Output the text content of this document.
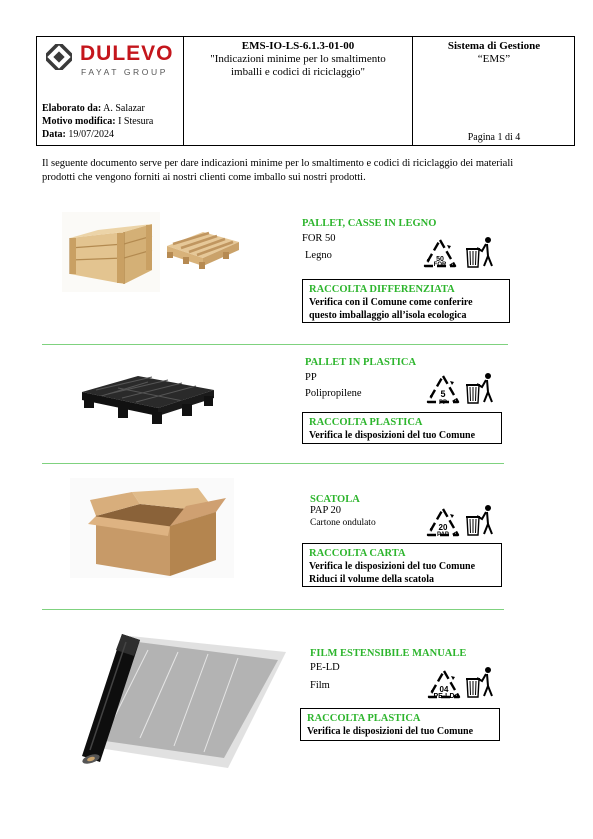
DULEVO
FAYAT GROUP
Elaborato da: A. Salazar
Motivo modifica: I Stesura
Data: 19/07/2024
EMS-IO-LS-6.1.3-01-00
"Indicazioni minime per lo smaltimento
imballi e codici di riciclaggio"
Sistema di Gestione
“EMS”
Pagina 1 di 4
Il seguente documento serve per dare indicazioni minime per lo smaltimento e codici di riciclaggio dei materiali
prodotti che vengono forniti ai nostri clienti come imballo sui nostri prodotti.
PALLET, CASSE IN LEGNO
FOR 50
Legno	50
FOR
RACCOLTA DIFFERENZIATA
Verifica con il Comune come conferire
questo imballaggio all’isola ecologica
PALLET IN PLASTICA
PP
Polipropilene	5
PP
RACCOLTA PLASTICA
Verifica le disposizioni del tuo Comune
SCATOLA
PAP 20
Cartone ondulato	20
PAP
RACCOLTA CARTA
Verifica le disposizioni del tuo Comune
Riduci il volume della scatola
FILM ESTENSIBILE MANUALE
PE-LD
Film	04
PE-LD
RACCOLTA PLASTICA
Verifica le disposizioni del tuo Comune
